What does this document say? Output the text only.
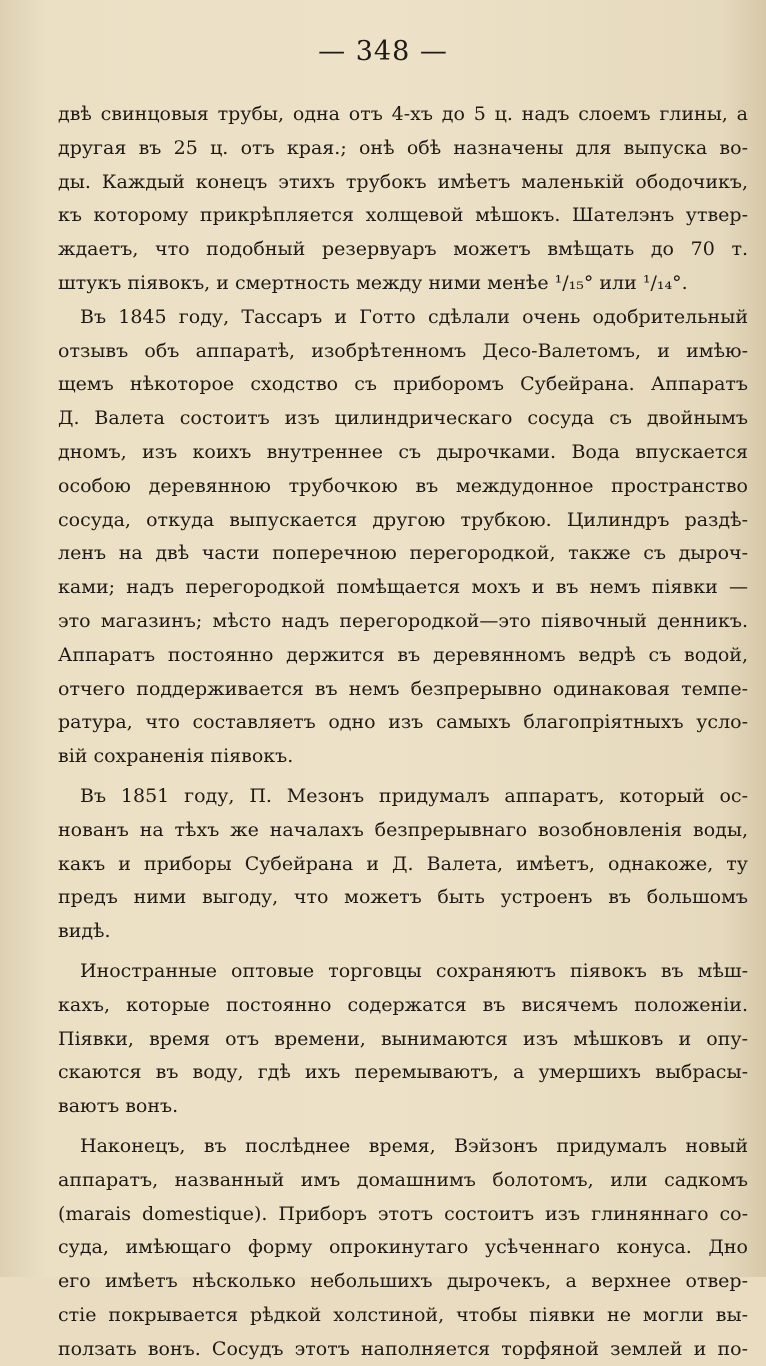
— 348 —
двѣ свинцовыя трубы, одна отъ 4-хъ до 5 ц. надъ слоемъ глины, а
другая въ 25 ц. отъ края.; онѣ обѣ назначены для выпуска во-
ды. Каждый конецъ этихъ трубокъ имѣетъ маленькій ободочикъ,
къ которому прикрѣпляется холщевой мѣшокъ. Шателэнъ утвер-
ждаетъ, что подобный резервуаръ можетъ вмѣщать до 70 т.
штукъ піявокъ, и смертность между ними менѣе ¹/₁₅° или ¹/₁₄°.
Въ 1845 году, Тассаръ и Готто сдѣлали очень одобрительный
отзывъ объ аппаратѣ, изобрѣтенномъ Десо-Валетомъ, и имѣю-
щемъ нѣкоторое сходство съ приборомъ Субейрана. Аппаратъ
Д. Валета состоитъ изъ цилиндрическаго сосуда съ двойнымъ
дномъ, изъ коихъ внутреннее съ дырочками. Вода впускается
особою деревянною трубочкою въ междудонное пространство
сосуда, откуда выпускается другою трубкою. Цилиндръ раздѣ-
ленъ на двѣ части поперечною перегородкой, также съ дыроч-
ками; надъ перегородкой помѣщается мохъ и въ немъ піявки —
это магазинъ; мѣсто надъ перегородкой—это піявочный денникъ.
Аппаратъ постоянно держится въ деревянномъ ведрѣ съ водой,
отчего поддерживается въ немъ безпрерывно одинаковая темпе-
ратура, что составляетъ одно изъ самыхъ благопріятныхъ усло-
вій сохраненія піявокъ.
Въ 1851 году, П. Мезонъ придумалъ аппаратъ, который ос-
нованъ на тѣхъ же началахъ безпрерывнаго возобновленія воды,
какъ и приборы Субейрана и Д. Валета, имѣетъ, однакоже, ту
предъ ними выгоду, что можетъ быть устроенъ въ большомъ
видѣ.
Иностранные оптовые торговцы сохраняютъ піявокъ въ мѣш-
кахъ, которые постоянно содержатся въ висячемъ положеніи.
Піявки, время отъ времени, вынимаются изъ мѣшковъ и опу-
скаются въ воду, гдѣ ихъ перемываютъ, а умершихъ выбрасы-
ваютъ вонъ.
Наконецъ, въ послѣднее время, Вэйзонъ придумалъ новый
аппаратъ, названный имъ домашнимъ болотомъ, или садкомъ
(marais domestique). Приборъ этотъ состоитъ изъ глиняннаго со-
суда, имѣющаго форму опрокинутаго усѣченнаго конуса. Дно
его имѣетъ нѣсколько небольшихъ дырочекъ, а верхнее отвер-
стіе покрывается рѣдкой холстиной, чтобы піявки не могли вы-
ползать вонъ. Сосудъ этотъ наполняется торфяной землей и по-
